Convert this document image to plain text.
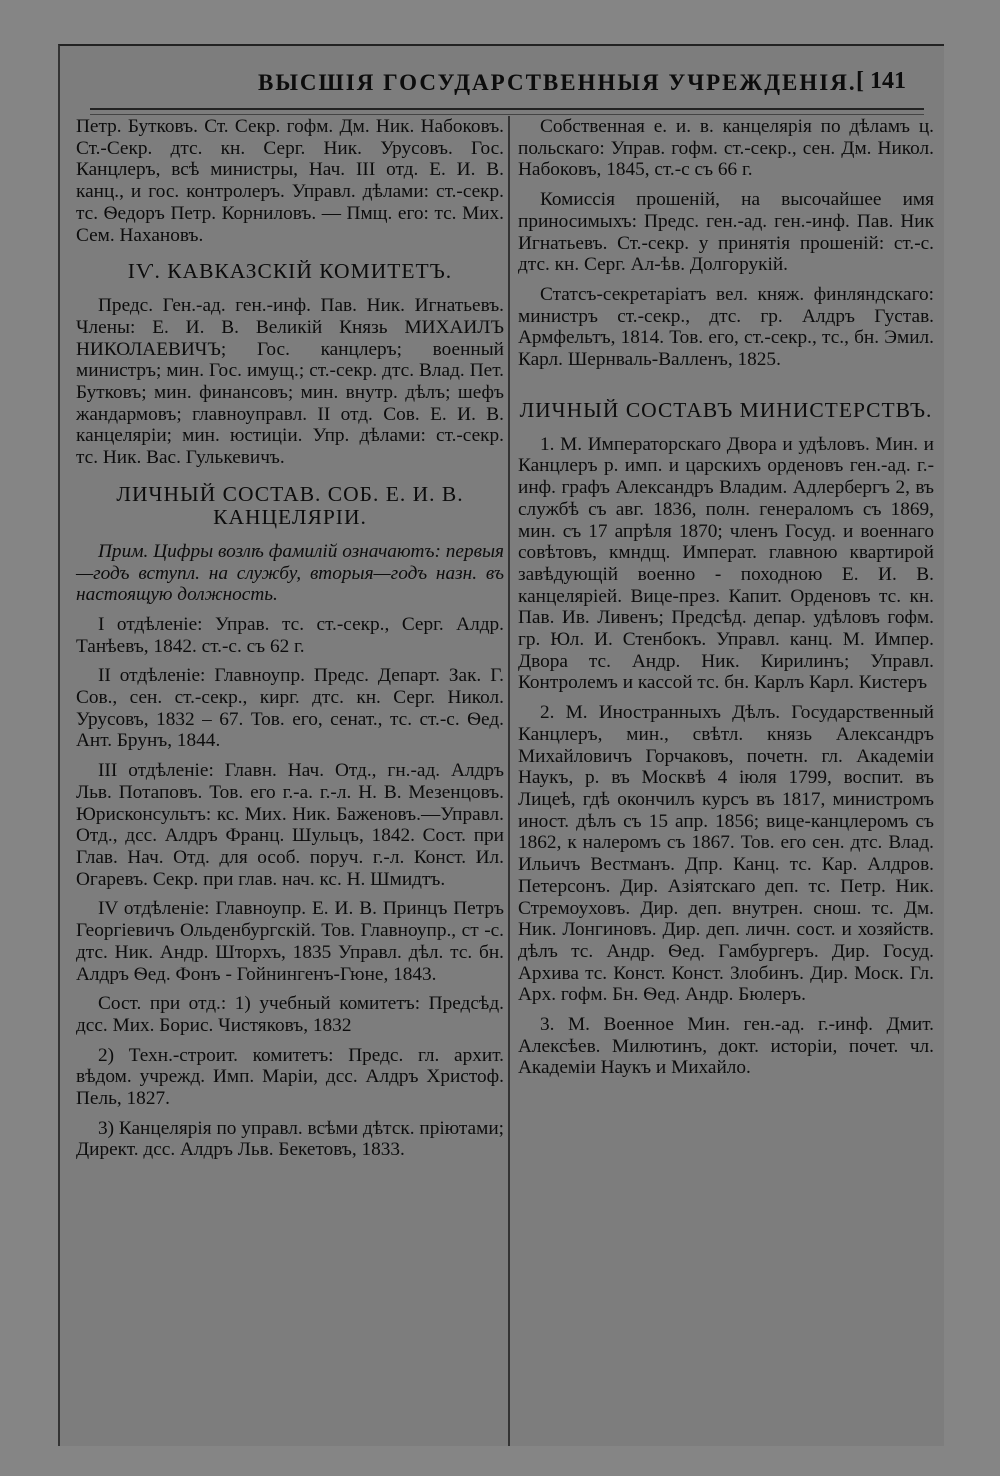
ВЫСШІЯ ГОСУДАРСТВЕННЫЯ УЧРЕЖДЕНІЯ. [ 141

Петр. Бутковъ. Ст. Секр. гофм. Дм. Ник. Набоковъ. Ст.-Секр. дтс. кн. Серг. Ник. Урусовъ. Гос. Канцлеръ, всѣ министры, Нач. III отд. Е. И. В. канц., и гос. контролеръ. Управл. дѣлами: ст.-секр. тс. Ѳедоръ Петр. Корниловъ. — Пмщ. его: тс. Мих. Сем. Нахановъ.

IѴ. КАВКАЗСКІЙ КОМИТЕТЪ.

Предс. Ген.-ад. ген.-инф. Пав. Ник. Игнатьевъ. Члены: Е. И. В. Великій Князь МИХАИЛЪ НИКОЛАЕВИЧЪ; Гос. канцлеръ; военный министръ; мин. Гос. имущ.; ст.-секр. дтс. Влад. Пет. Бутковъ; мин. финансовъ; мин. внутр. дѣлъ; шефъ жандармовъ; главноуправл. II отд. Сов. Е. И. В. канцеляріи; мин. юстиціи. Упр. дѣлами: ст.-секр. тс. Ник. Вас. Гулькевичъ.

ЛИЧНЫЙ СОСТАВ. СОБ. Е. И. В. КАНЦЕЛЯРІИ.

Прим. Цифры возлѣ фамилій означаютъ: первыя—годъ вступл. на службу, вторыя—годъ назн. въ настоящую должность.

I отдѣленіе: Управ. тс. ст.-секр., Серг. Алдр. Танѣевъ, 1842. ст.-с. съ 62 г.

II отдѣленіе: Главноупр. Предс. Департ. Зак. Г. Сов., сен. ст.-секр., кирг. дтс. кн. Серг. Никол. Урусовъ, 1832 – 67. Тов. его, сенат., тс. ст.-с. Ѳед. Ант. Брунъ, 1844.

III отдѣленіе: Главн. Нач. Отд., гн.-ад. Алдръ Льв. Потаповъ. Тов. его г.-а. г.-л. Н. В. Мезенцовъ. Юрисконсультъ: кс. Мих. Ник. Баженовъ.—Управл. Отд., дсс. Алдръ Франц. Шульцъ, 1842. Сост. при Глав. Нач. Отд. для особ. поруч. г.-л. Конст. Ил. Огаревъ. Секр. при глав. нач. кс. Н. Шмидтъ.

IV отдѣленіе: Главноупр. Е. И. В. Принцъ Петръ Георгіевичъ Ольденбургскій. Тов. Главноупр., ст -с. дтс. Ник. Андр. Шторхъ, 1835 Управл. дѣл. тс. бн. Алдръ Ѳед. Фонъ - Гойнингенъ-Гюне, 1843.

Сост. при отд.: 1) учебный комитетъ: Предсѣд. дсс. Мих. Борис. Чистяковъ, 1832

2) Техн.-строит. комитетъ: Предс. гл. архит. вѣдом. учрежд. Имп. Маріи, дсс. Алдръ Христоф. Пель, 1827.

3) Канцелярія по управл. всѣми дѣтск. пріютами; Директ. дсс. Алдръ Льв. Бекетовъ, 1833.

Собственная е. и. в. канцелярія по дѣламъ ц. польскаго: Управ. гофм. ст.-секр., сен. Дм. Никол. Набоковъ, 1845, ст.-с съ 66 г.

Комиссія прошеній, на высочайшее имя приносимыхъ: Предс. ген.-ад. ген.-инф. Пав. Ник Игнатьевъ. Ст.-секр. у принятія прошеній: ст.-с. дтс. кн. Серг. Ал-ѣв. Долгорукій.

Статсъ-секретаріатъ вел. княж. финляндскаго: министръ ст.-секр., дтс. гр. Алдръ Густав. Армфельтъ, 1814. Тов. его, ст.-секр., тс., бн. Эмил. Карл. Шернваль-Валленъ, 1825.

ЛИЧНЫЙ СОСТАВЪ МИНИСТЕРСТВЪ.

1. М. Императорскаго Двора и удѣловъ. Мин. и Канцлеръ р. имп. и царскихъ орденовъ ген.-ад. г.-инф. графъ Александръ Владим. Адлербергъ 2, въ службѣ съ авг. 1836, полн. генераломъ съ 1869, мин. съ 17 апрѣля 1870; членъ Госуд. и военнаго совѣтовъ, кмндщ. Императ. главною квартирой завѣдующій военно - походною Е. И. В. канцеляріей. Вице-през. Капит. Орденовъ тс. кн. Пав. Ив. Ливенъ; Предсѣд. депар. удѣловъ гофм. гр. Юл. И. Стенбокъ. Управл. канц. М. Импер. Двора тс. Андр. Ник. Кирилинъ; Управл. Контролемъ и кассой тс. бн. Карлъ Карл. Кистеръ

2. М. Иностранныхъ Дѣлъ. Государственный Канцлеръ, мин., свѣтл. князь Александръ Михайловичъ Горчаковъ, почетн. гл. Академіи Наукъ, р. въ Москвѣ 4 іюля 1799, воспит. въ Лицеѣ, гдѣ окончилъ курсъ въ 1817, министромъ иност. дѣлъ съ 15 апр. 1856; вице-канцлеромъ съ 1862, к налеромъ съ 1867. Тов. его сен. дтс. Влад. Ильичъ Вестманъ. Дпр. Канц. тс. Кар. Алдров. Петерсонъ. Дир. Азіятскаго деп. тс. Петр. Ник. Стремоуховъ. Дир. деп. внутрен. снош. тс. Дм. Ник. Лонгиновъ. Дир. деп. личн. сост. и хозяйств. дѣлъ тс. Андр. Ѳед. Гамбургеръ. Дир. Госуд. Архива тс. Конст. Конст. Злобинъ. Дир. Моск. Гл. Арх. гофм. Бн. Ѳед. Андр. Бюлеръ.

3. М. Военное Мин. ген.-ад. г.-инф. Дмит. Алексѣев. Милютинъ, докт. исторіи, почет. чл. Академіи Наукъ и Михайло.
